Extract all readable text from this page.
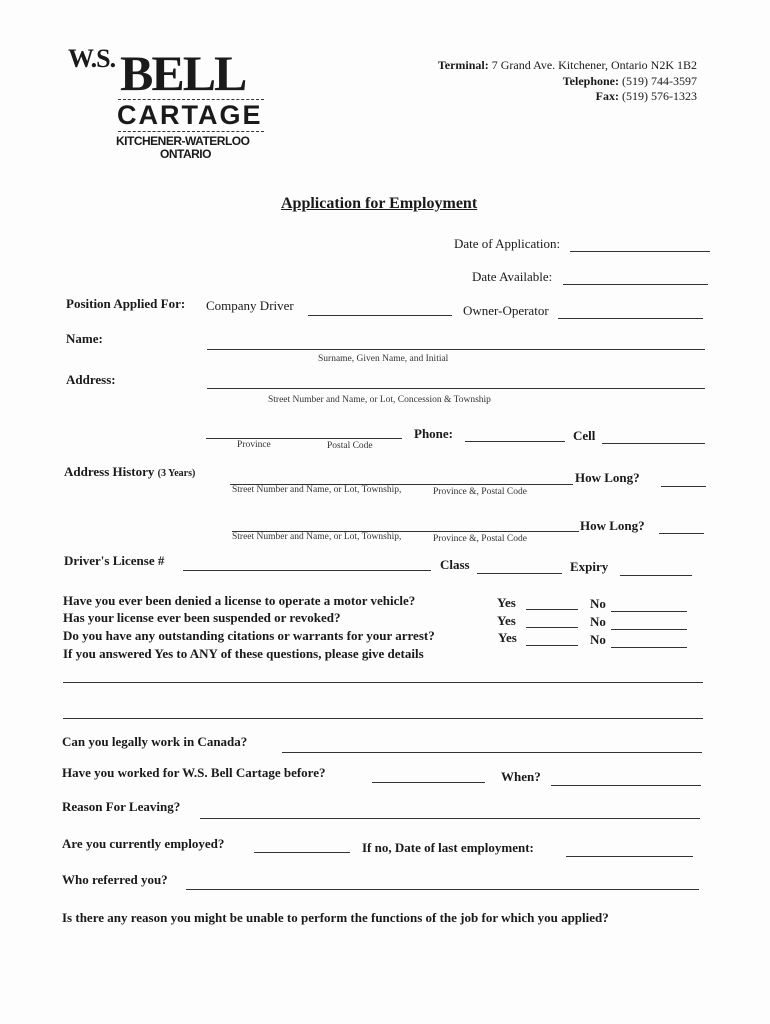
W.S. BELL
CARTAGE
KITCHENER-WATERLOO
ONTARIO
Terminal: 7 Grand Ave. Kitchener, Ontario N2K 1B2
Telephone: (519) 744-3597
Fax: (519) 576-1323
Application for Employment
Date of Application:
Date Available:
Position Applied For: Company Driver	Owner-Operator
Name:
Surname, Given Name, and Initial
Address:
Street Number and Name, or Lot, Concession & Township
Province	Postal Code
Phone:	Cell
Address History (3 Years)
Street Number and Name, or Lot, Township,	Province &, Postal Code
How Long?
Street Number and Name, or Lot, Township,	Province &, Postal Code
How Long?
Driver's License #	Class	Expiry
Have you ever been denied a license to operate a motor vehicle?	Yes	No
Has your license ever been suspended or revoked?	Yes	No
Do you have any outstanding citations or warrants for your arrest?	Yes	No
If you answered Yes to ANY of these questions, please give details
Can you legally work in Canada?
Have you worked for W.S. Bell Cartage before?	When?
Reason For Leaving?
Are you currently employed?	If no, Date of last employment:
Who referred you?
Is there any reason you might be unable to perform the functions of the job for which you applied?
